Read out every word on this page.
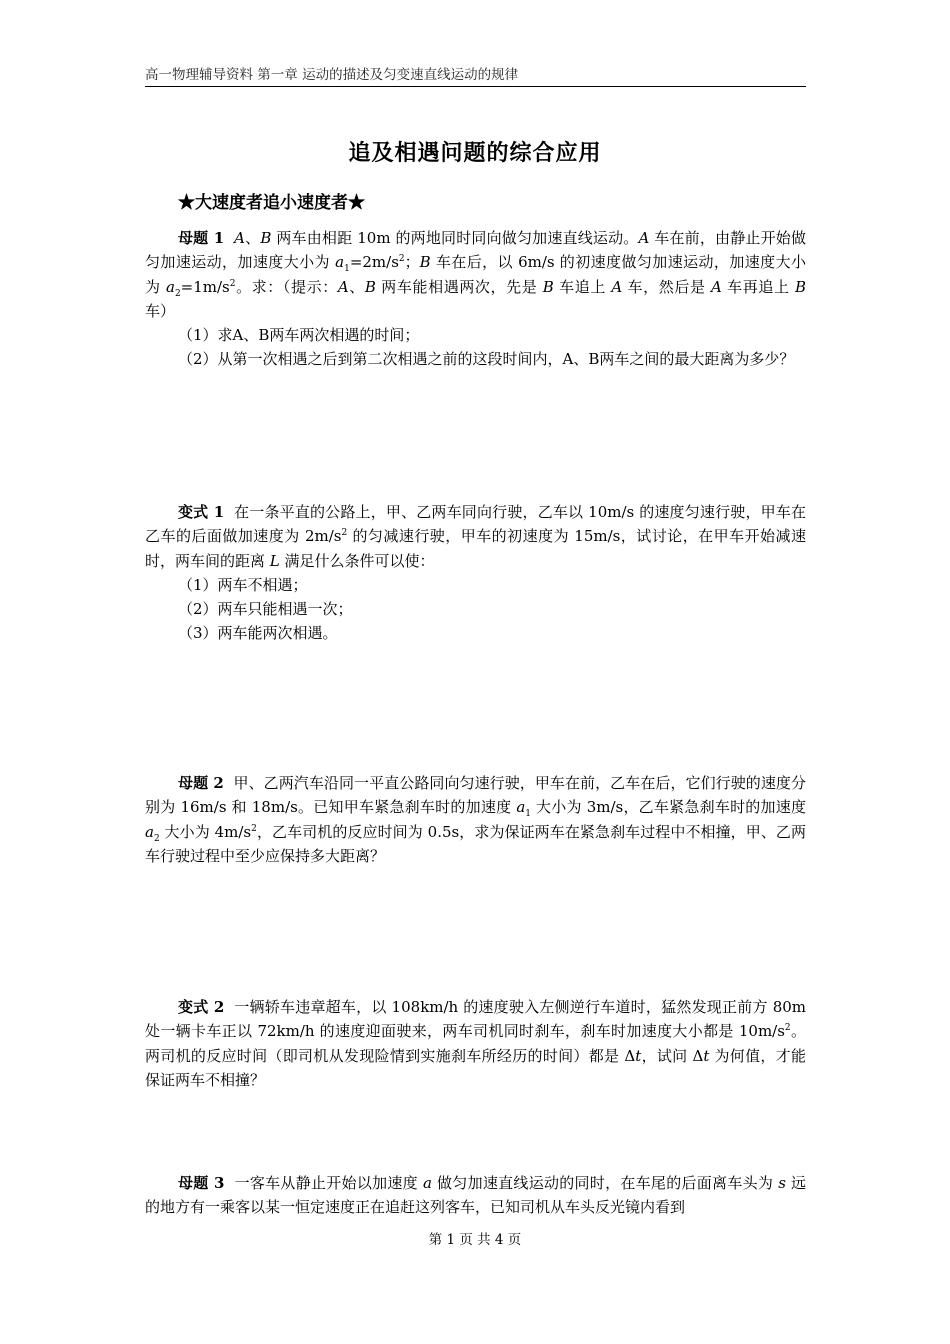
高一物理辅导资料 第一章 运动的描述及匀变速直线运动的规律
追及相遇问题的综合应用
★大速度者追小速度者★

母题 1 A、B 两车由相距 10m 的两地同时同向做匀加速直线运动。A 车在前，由静止开始做匀加速运动，加速度大小为 $a_1=2m/s^2$；B 车在后，以 6m/s 的初速度做匀加速运动，加速度大小为 $a_2=1m/s^2$。求：（提示：A、B 两车能相遇两次，先是 B 车追上 A 车，然后是 A 车再追上 B 车）

（1）求A、B两车两次相遇的时间；

（2）从第一次相遇之后到第二次相遇之前的这段时间内，A、B两车之间的最大距离为多少？

变式 1  在一条平直的公路上，甲、乙两车同向行驶，乙车以 10m/s 的速度匀速行驶，甲车在乙车的后面做加速度为 $2m/s^2$ 的匀减速行驶，甲车的初速度为 15m/s，试讨论，在甲车开始减速时，两车间的距离 L 满足什么条件可以使：

（1）两车不相遇；

（2）两车只能相遇一次；

（3）两车能两次相遇。

母题 2  甲、乙两汽车沿同一平直公路同向匀速行驶，甲车在前，乙车在后，它们行驶的速度分别为 16m/s 和 18m/s。已知甲车紧急刹车时的加速度 $a_1$ 大小为 3m/s，乙车紧急刹车时的加速度 $a_2$ 大小为 $4m/s^2$，乙车司机的反应时间为 0.5s，求为保证两车在紧急刹车过程中不相撞，甲、乙两车行驶过程中至少应保持多大距离？

变式 2  一辆轿车违章超车，以 108km/h 的速度驶入左侧逆行车道时，猛然发现正前方 80m 处一辆卡车正以 72km/h 的速度迎面驶来，两车司机同时刹车，刹车时加速度大小都是 $10m/s^2$。两司机的反应时间（即司机从发现险情到实施刹车所经历的时间）都是 Δt，试问 Δt 为何值，才能保证两车不相撞？

母题 3  一客车从静止开始以加速度 a 做匀加速直线运动的同时，在车尾的后面离车头为 s 远的地方有一乘客以某一恒定速度正在追赶这列客车，已知司机从车头反光镜内看到

第 1 页 共 4 页
